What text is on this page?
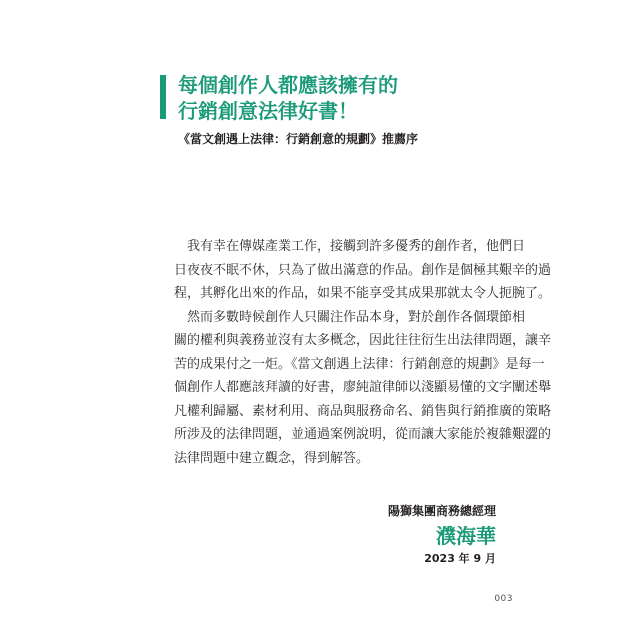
每個創作人都應該擁有的
行銷創意法律好書！
《當文創遇上法律：行銷創意的規劃》推薦序
　我有幸在傳媒產業工作，接觸到許多優秀的創作者，他們日
日夜夜不眠不休，只為了做出滿意的作品。創作是個極其艱辛的過
程，其孵化出來的作品，如果不能享受其成果那就太令人扼腕了。
　然而多數時候創作人只關注作品本身，對於創作各個環節相
關的權利與義務並沒有太多概念，因此往往衍生出法律問題，讓辛
苦的成果付之一炬。《當文創遇上法律：行銷創意的規劃》是每一
個創作人都應該拜讀的好書，廖純誼律師以淺顯易懂的文字闡述舉
凡權利歸屬、素材利用、商品與服務命名、銷售與行銷推廣的策略
所涉及的法律問題，並通過案例說明，從而讓大家能於複雜艱澀的
法律問題中建立觀念，得到解答。
陽獅集團商務總經理
濮海華
2023 年 9 月
003
